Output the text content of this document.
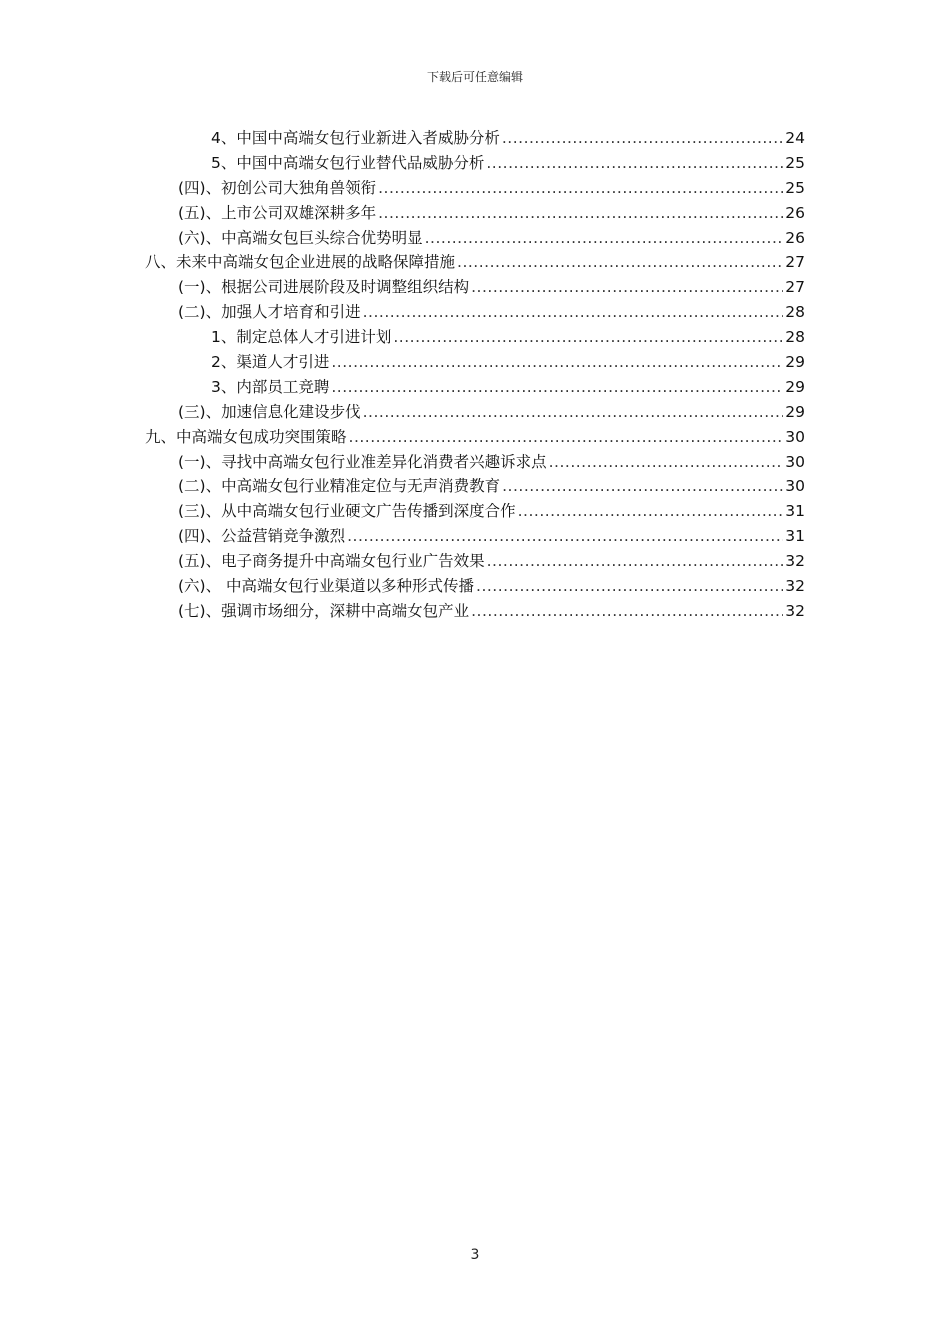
下载后可任意编辑
4、中国中高端女包行业新进入者威胁分析 .....	24
5、中国中高端女包行业替代品威胁分析 .....	25
(四)、初创公司大独角兽领衔 .....	25
(五)、上市公司双雄深耕多年 .....	26
(六)、中高端女包巨头综合优势明显 .....	26
八、未来中高端女包企业进展的战略保障措施 .....	27
(一)、根据公司进展阶段及时调整组织结构 .....	27
(二)、加强人才培育和引进 .....	28
1、制定总体人才引进计划 .....	28
2、渠道人才引进 .....	29
3、内部员工竞聘 .....	29
(三)、加速信息化建设步伐 .....	29
九、中高端女包成功突围策略 .....	30
(一)、寻找中高端女包行业准差异化消费者兴趣诉求点 .....	30
(二)、中高端女包行业精准定位与无声消费教育 .....	30
(三)、从中高端女包行业硬文广告传播到深度合作 .....	31
(四)、公益营销竞争激烈 .....	31
(五)、电子商务提升中高端女包行业广告效果 .....	32
(六)、 中高端女包行业渠道以多种形式传播 .....	32
(七)、强调市场细分，深耕中高端女包产业 .....	32
3
